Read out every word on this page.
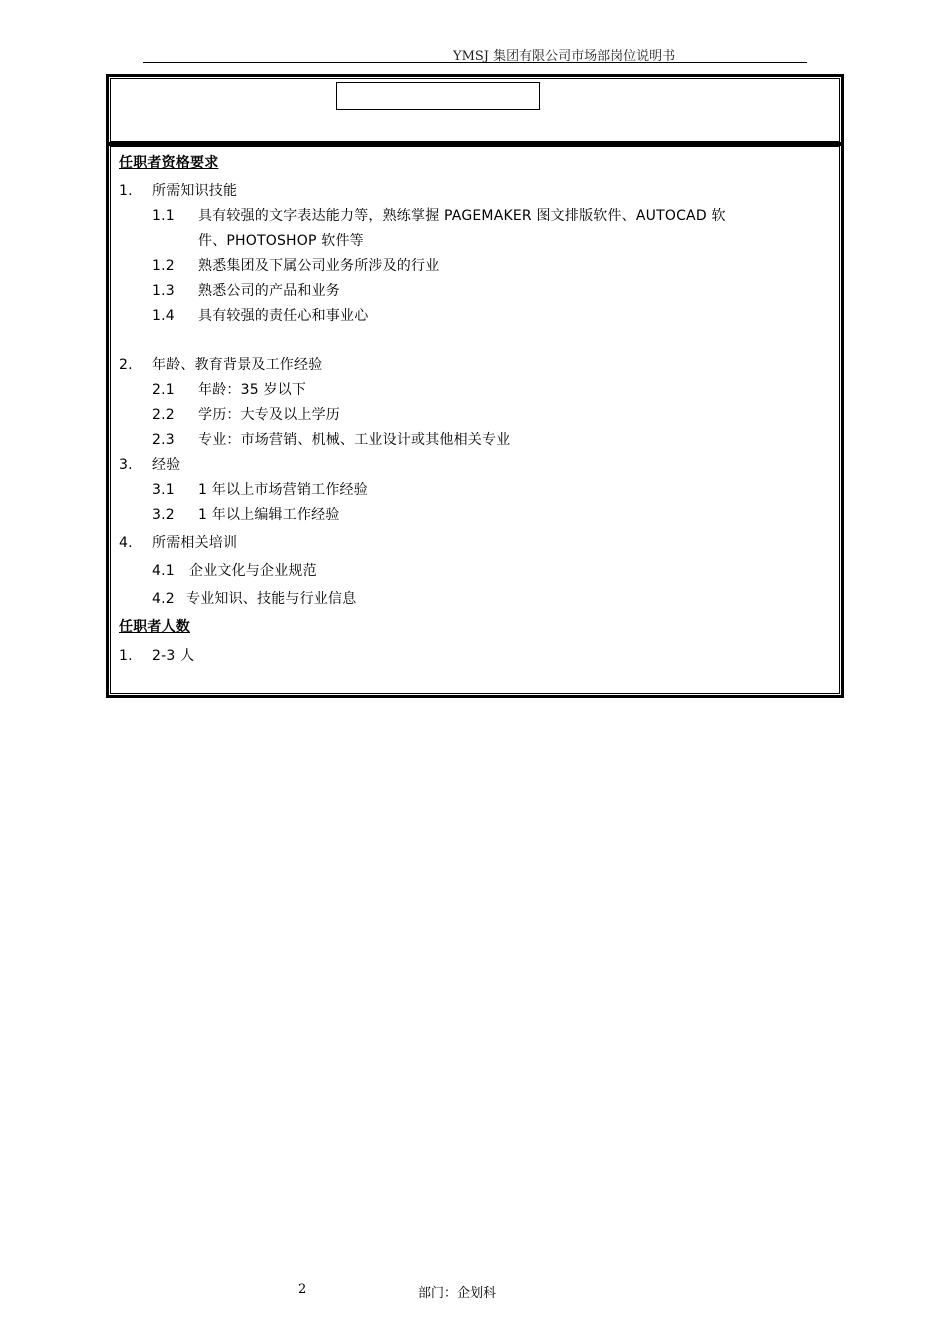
YMSJ 集团有限公司市场部岗位说明书
任职者资格要求
1. 所需知识技能
1.1 具有较强的文字表达能力等，熟练掌握 PAGEMAKER 图文排版软件、AUTOCAD 软
件、PHOTOSHOP 软件等
1.2 熟悉集团及下属公司业务所涉及的行业
1.3 熟悉公司的产品和业务
1.4 具有较强的责任心和事业心
2. 年龄、教育背景及工作经验
2.1 年龄：35 岁以下
2.2 学历：大专及以上学历
2.3 专业：市场营销、机械、工业设计或其他相关专业
3. 经验
3.1 1 年以上市场营销工作经验
3.2 1 年以上编辑工作经验
4. 所需相关培训
4.1 企业文化与企业规范
4.2 专业知识、技能与行业信息
任职者人数
1. 2-3 人
2	部门：企划科
